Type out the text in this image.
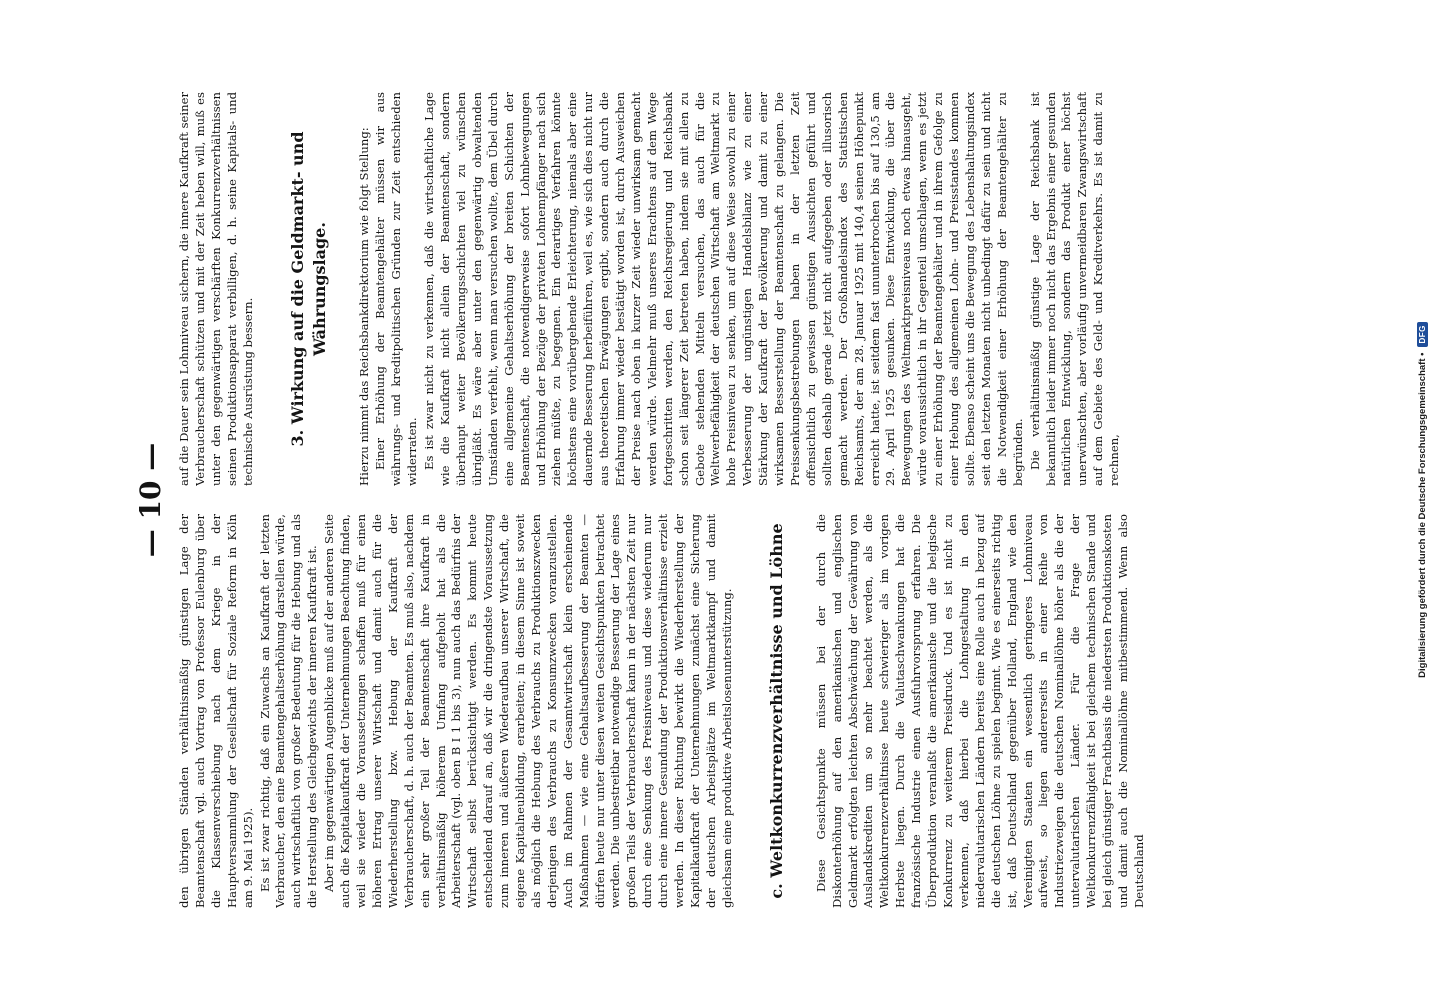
— 10 —

den übrigen Ständen verhältnismäßig günstigen Lage der Beamtenschaft vgl. auch Vortrag von Professor Eulenburg über die Klassenverschiebung nach dem Kriege in der Hauptversammlung der Gesellschaft für Soziale Reform in Köln am 9. Mai 1925). Es ist zwar richtig, daß ein Zuwachs an Kaufkraft der letzten Verbraucher, den eine Beamtengehaltserhöhung darstellen würde, auch wirtschaftlich von großer Bedeutung für die Hebung und als die Herstellung des Gleichgewichts der inneren Kaufkraft ist. Aber im gegenwärtigen Augenblicke muß auf der anderen Seite auch die Kapitalkaufkraft der Unternehmungen Beachtung finden, weil sie wieder die Voraussetzungen schaffen muß für einen höheren Ertrag unserer Wirtschaft und damit auch für die Wiederherstellung bzw. Hebung der Kaufkraft der Verbraucherschaft, d. h. auch der Beamten. Es muß also, nachdem ein sehr großer Teil der Beamtenschaft ihre Kaufkraft in verhältnismäßig höherem Umfang aufgeholt hat als die Arbeiterschaft (vgl. oben B I 1 bis 3), nun auch das Bedürfnis der Wirtschaft selbst berücksichtigt werden. Es kommt heute entscheidend darauf an, daß wir die dringendste Voraussetzung zum inneren und äußeren Wiederaufbau unserer Wirtschaft, die eigene Kapitalneubildung, erarbeiten; in diesem Sinne ist soweit als möglich die Hebung des Verbrauchs zu Produktionszwecken derjenigen des Verbrauchs zu Konsumzwecken voranzustellen. Auch im Rahmen der Gesamtwirtschaft klein erscheinende Maßnahmen — wie eine Gehaltsaufbesserung der Beamten — dürfen heute nur unter diesen weiten Gesichtspunkten betrachtet werden. Die unbestreitbar notwendige Besserung der Lage eines großen Teils der Verbraucherschaft kann in der nächsten Zeit nur durch eine Senkung des Preisniveaus und diese wiederum nur durch eine innere Gesundung der Produktionsverhältnisse erzielt werden. In dieser Richtung bewirkt die Wiederherstellung der Kapitalkaufkraft der Unternehmungen zunächst eine Sicherung der deutschen Arbeitsplätze im Weltmarktkampf und damit gleichsam eine produktive Arbeitslosenunterstützung. c. Weltkonkurrenzverhältnisse und Löhne Diese Gesichtspunkte müssen bei der durch die Diskonterhöhung auf den amerikanischen und englischen Geldmarkt erfolgten leichten Abschwächung der Gewährung von Auslandskrediten um so mehr beachtet werden, als die Weltkonkurrenzverhältnisse heute schwieriger als im vorigen Herbste liegen. Durch die Valutaschwankungen hat die französische Industrie einen Ausfuhrvorsprung erfahren. Die Überproduktion veranlaßt die amerikanische und die belgische Konkurrenz zu weiterem Preisdruck. Und es ist nicht zu verkennen, daß hierbei die Lohngestaltung in den niedervalutarischen Ländern bereits eine Rolle auch in bezug auf die deutschen Löhne zu spielen beginnt. Wie es einerseits richtig ist, daß Deutschland gegenüber Holland, England wie den Vereinigten Staaten ein wesentlich geringeres Lohnniveau aufweist, so liegen andererseits in einer Reihe von Industriezweigen die deutschen Nominallöhne höher als die der untervalutarischen Länder. Für die Frage der Weltkonkurrenzfähigkeit ist bei gleichem technischen Stande und bei gleich günstiger Frachtbasis die niedersten Produktionskosten und damit auch die Nominallöhne mitbestimmend. Wenn also Deutschland

auf die Dauer sein Lohnniveau sichern, die innere Kaufkraft seiner Verbraucherschaft schützen und mit der Zeit heben will, muß es unter den gegenwärtigen verschärften Konkurrenzverhältnissen seinen Produktionsapparat verbilligen, d. h. seine Kapitals- und technische Ausrüstung bessern. 3. Wirkung auf die Geldmarkt- und
Währungslage. Hierzu nimmt das Reichsbankdirektorium wie folgt Stellung: Einer Erhöhung der Beamtengehälter müssen wir aus währungs- und kreditpolitischen Gründen zur Zeit entschieden widerraten. Es ist zwar nicht zu verkennen, daß die wirtschaftliche Lage wie die Kaufkraft nicht allein der Beamtenschaft, sondern überhaupt weiter Bevölkerungsschichten viel zu wünschen übrigläßt. Es wäre aber unter den gegenwärtig obwaltenden Umständen verfehlt, wenn man versuchen wollte, dem Übel durch eine allgemeine Gehaltserhöhung der breiten Schichten der Beamtenschaft, die notwendigerweise sofort Lohnbewegungen und Erhöhung der Bezüge der privaten Lohnempfänger nach sich ziehen müßte, zu begegnen. Ein derartiges Verfahren könnte höchstens eine vorübergehende Erleichterung, niemals aber eine dauernde Besserung herbeiführen, weil es, wie sich dies nicht nur aus theoretischen Erwägungen ergibt, sondern auch durch die Erfahrung immer wieder bestätigt worden ist, durch Ausweichen der Preise nach oben in kurzer Zeit wieder unwirksam gemacht werden würde. Vielmehr muß unseres Erachtens auf dem Wege fortgeschritten werden, den Reichsregierung und Reichsbank schon seit längerer Zeit betreten haben, indem sie mit allen zu Gebote stehenden Mitteln versuchen, das auch für die Weltwerbefähigkeit der deutschen Wirtschaft am Weltmarkt zu hohe Preisniveau zu senken, um auf diese Weise sowohl zu einer Verbesserung der ungünstigen Handelsbilanz wie zu einer Stärkung der Kaufkraft der Bevölkerung und damit zu einer wirksamen Besserstellung der Beamtenschaft zu gelangen. Die Preissenkungsbestrebungen haben in der letzten Zeit offensichtlich zu gewissen günstigen Aussichten geführt und sollten deshalb gerade jetzt nicht aufgegeben oder illusorisch gemacht werden. Der Großhandelsindex des Statistischen Reichsamts, der am 28. Januar 1925 mit 140,4 seinen Höhepunkt erreicht hatte, ist seitdem fast ununterbrochen bis auf 130,5 am 29. April 1925 gesunken. Diese Entwicklung, die über die Bewegungen des Weltmarktpreisniveaus noch etwas hinausgeht, würde voraussichtlich in ihr Gegenteil umschlagen, wenn es jetzt zu einer Erhöhung der Beamtengehälter und in ihrem Gefolge zu einer Hebung des allgemeinen Lohn- und Preisstandes kommen sollte. Ebenso scheint uns die Bewegung des Lebenshaltungsindex seit den letzten Monaten nicht unbedingt dafür zu sein und nicht die Notwendigkeit einer Erhöhung der Beamtengehälter zu begründen. Die verhältnismäßig günstige Lage der Reichsbank ist bekanntlich leider immer noch nicht das Ergebnis einer gesunden natürlichen Entwicklung, sondern das Produkt einer höchst unerwünschten, aber vorläufig unvermeidbaren Zwangswirtschaft auf dem Gebiete des Geld- und Kreditverkehrs. Es ist damit zu rechnen,	Digitalisierung gefördert durch die Deutsche Forschungsgemeinschaft •
DFG
